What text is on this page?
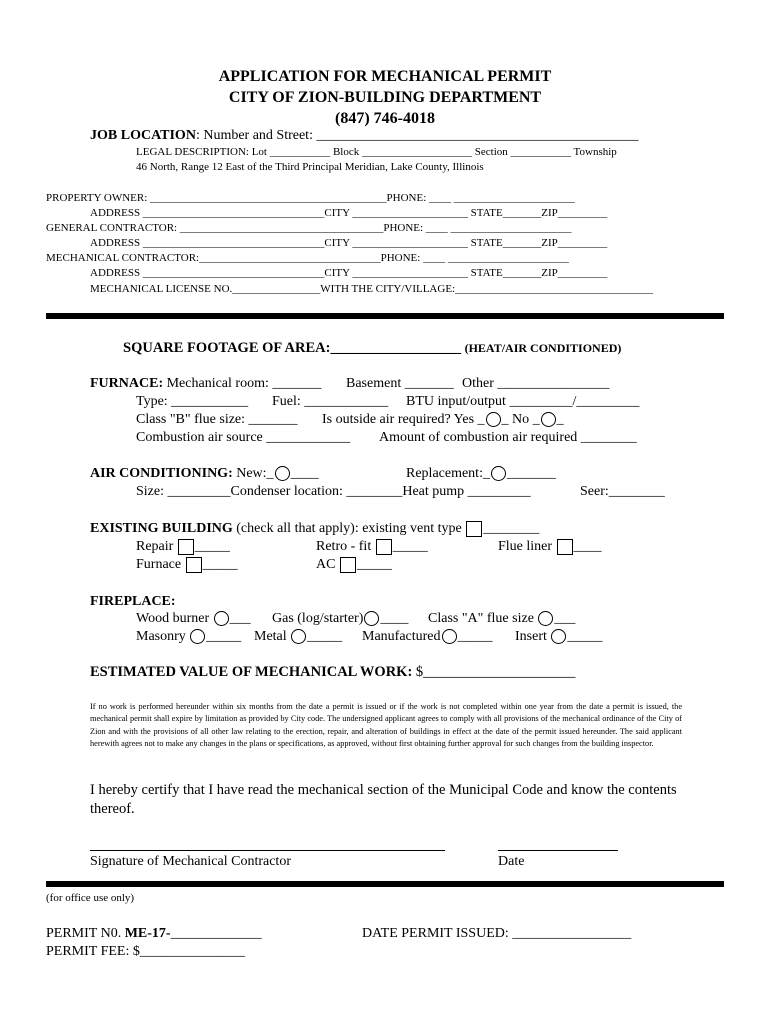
APPLICATION FOR MECHANICAL PERMIT
CITY OF ZION-BUILDING DEPARTMENT
(847) 746-4018
JOB LOCATION: Number and Street: ______________________________________________
LEGAL DESCRIPTION: Lot ___________ Block ____________________ Section ___________ Township
46 North, Range 12 East of the Third Principal Meridian, Lake County, Illinois
PROPERTY OWNER: ___________________________________________PHONE: ____ ______________________
ADDRESS _________________________________CITY _____________________ STATE_______ZIP_________
GENERAL CONTRACTOR: _____________________________________PHONE: ____ ______________________
ADDRESS _________________________________CITY _____________________ STATE_______ZIP_________
MECHANICAL CONTRACTOR:_________________________________PHONE: ____ ______________________
ADDRESS _________________________________CITY _____________________ STATE_______ZIP_________
MECHANICAL LICENSE NO.________________WITH THE CITY/VILLAGE:____________________________________
SQUARE FOOTAGE OF AREA:__________________ (HEAT/AIR CONDITIONED)
FURNACE: Mechanical room: _______ Basement _______ Other ________________
Type: ___________ Fuel: ____________ BTU input/output _________/_________
Class "B" flue size: _______ Is outside air required? Yes _ _ No _ _
Combustion air source ____________ Amount of combustion air required ________
AIR CONDITIONING: New:_ ____	Replacement:_ _______
Size: _________Condenser location: ________Heat pump _________	Seer:________
EXISTING BUILDING (check all that apply): existing vent type ________
Repair _____	Retro - fit _____	Flue liner ____
Furnace _____	AC _____
FIREPLACE:
Wood burner ___ Gas (log/starter) ____ Class "A" flue size ___
Masonry _____ Metal _____ Manufactured _____ Insert _____
ESTIMATED VALUE OF MECHANICAL WORK: $_____________________
If no work is performed hereunder within six months from the date a permit is issued or if the work is not completed within one year from the date a permit is issued, the mechanical permit shall expire by limitation as provided by City code. The undersigned applicant agrees to comply with all provisions of the mechanical ordinance of the City of Zion and with the provisions of all other law relating to the erection, repair, and alteration of buildings in effect at the date of the permit issued hereunder. The said applicant herewith agrees not to make any changes in the plans or specifications, as approved, without first obtaining further approval for such changes from the building inspector.
I hereby certify that I have read the mechanical section of the Municipal Code and know the contents thereof.
Signature of Mechanical Contractor	Date
(for office use only)
PERMIT N0. ME-17-_____________	DATE PERMIT ISSUED: _________________
PERMIT FEE: $_______________
